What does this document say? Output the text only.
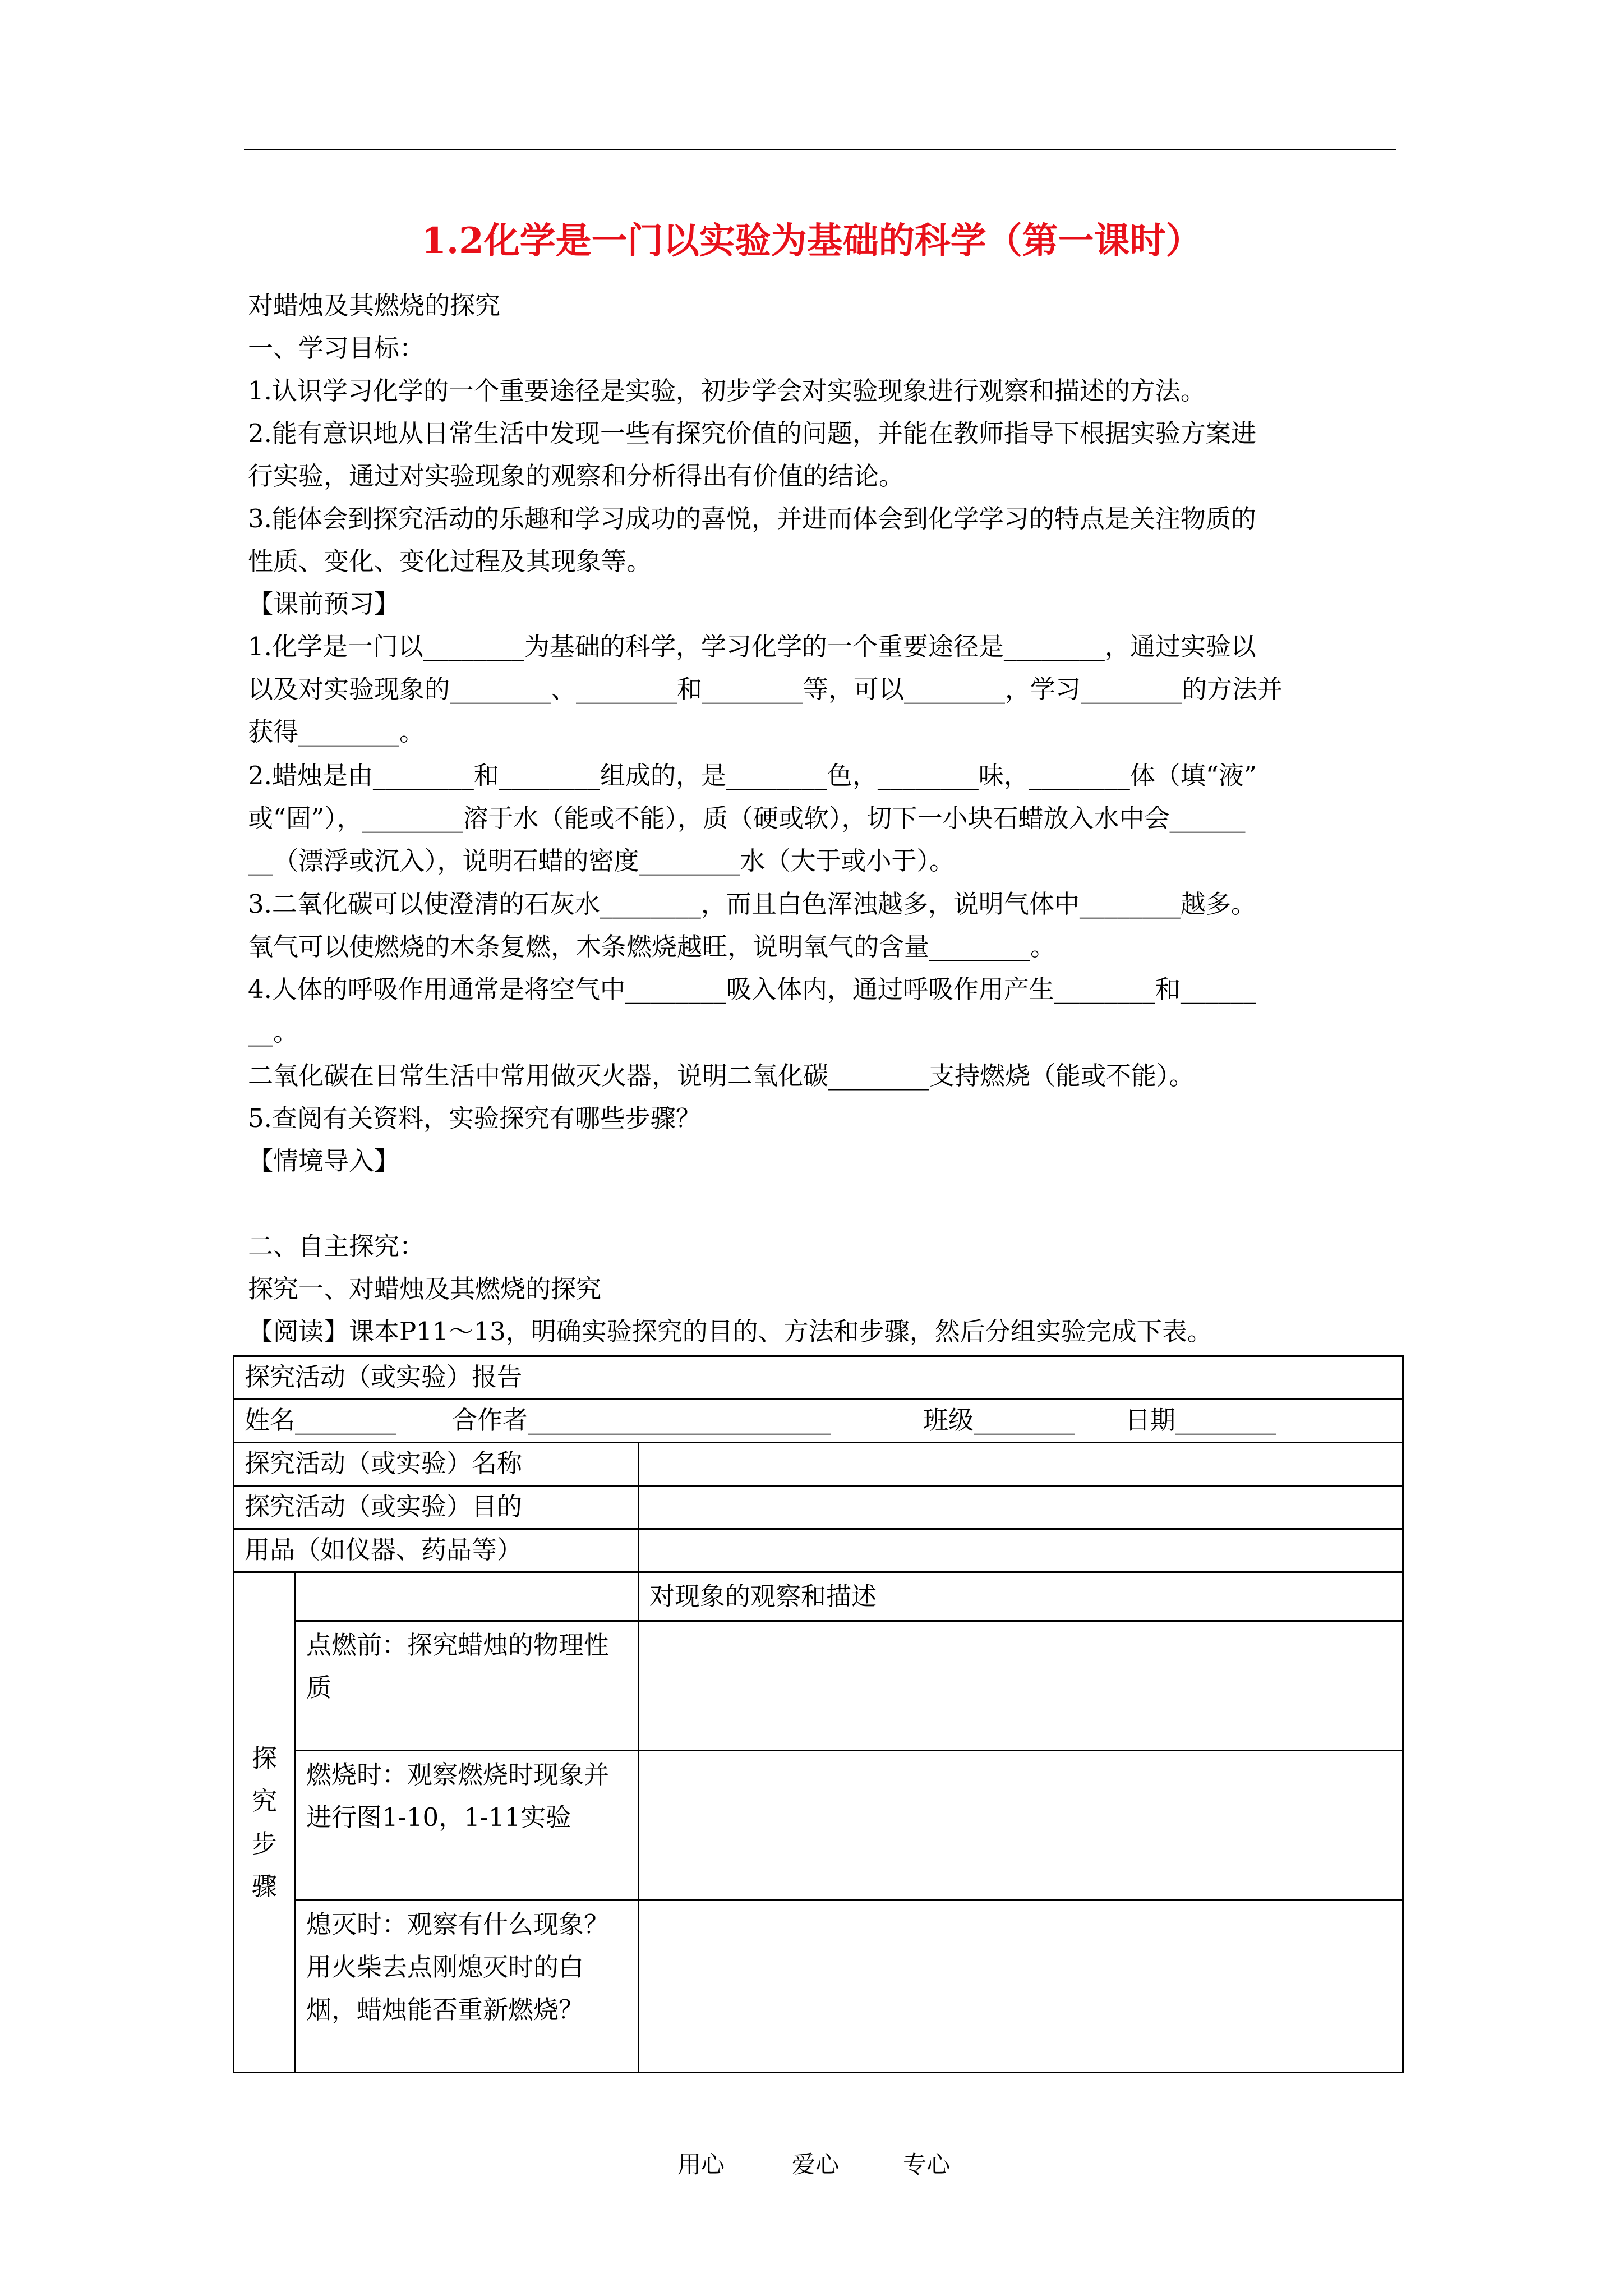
1.2化学是一门以实验为基础的科学（第一课时）
对蜡烛及其燃烧的探究
一、学习目标：
1.认识学习化学的一个重要途径是实验，初步学会对实验现象进行观察和描述的方法。
2.能有意识地从日常生活中发现一些有探究价值的问题，并能在教师指导下根据实验方案进
行实验，通过对实验现象的观察和分析得出有价值的结论。
3.能体会到探究活动的乐趣和学习成功的喜悦，并进而体会到化学学习的特点是关注物质的
性质、变化、变化过程及其现象等。
【课前预习】
1.化学是一门以________为基础的科学，学习化学的一个重要途径是________，通过实验以
以及对实验现象的________、________和________等，可以________，学习________的方法并
获得________。
2.蜡烛是由________和________组成的，是________色，________味，________体（填“液”
或“固”），________溶于水（能或不能），质（硬或软），切下一小块石蜡放入水中会______
__（漂浮或沉入），说明石蜡的密度________水（大于或小于）。
3.二氧化碳可以使澄清的石灰水________，而且白色浑浊越多，说明气体中________越多。
氧气可以使燃烧的木条复燃，木条燃烧越旺，说明氧气的含量________。
4.人体的呼吸作用通常是将空气中________吸入体内，通过呼吸作用产生________和______
__。
二氧化碳在日常生活中常用做灭火器，说明二氧化碳________支持燃烧（能或不能）。
5.查阅有关资料，实验探究有哪些步骤？
【情境导入】
二、自主探究：
探究一、对蜡烛及其燃烧的探究
【阅读】课本P11～13，明确实验探究的目的、方法和步骤，然后分组实验完成下表。
探究活动（或实验）报告		
姓名________ 合作者________________________ 班级________ 日期________		
探究活动（或实验）名称		
探究活动（或实验）目的		
用品（如仪器、药品等）		

探究步骤		对现象的观察和描述
	点燃前：探究蜡烛的物理性质	
	燃烧时：观察燃烧时现象并进行图1-10，1-11实验	
	熄灭时：观察有什么现象？用火柴去点刚熄灭时的白烟，蜡烛能否重新燃烧？	
用心	爱心	专心
